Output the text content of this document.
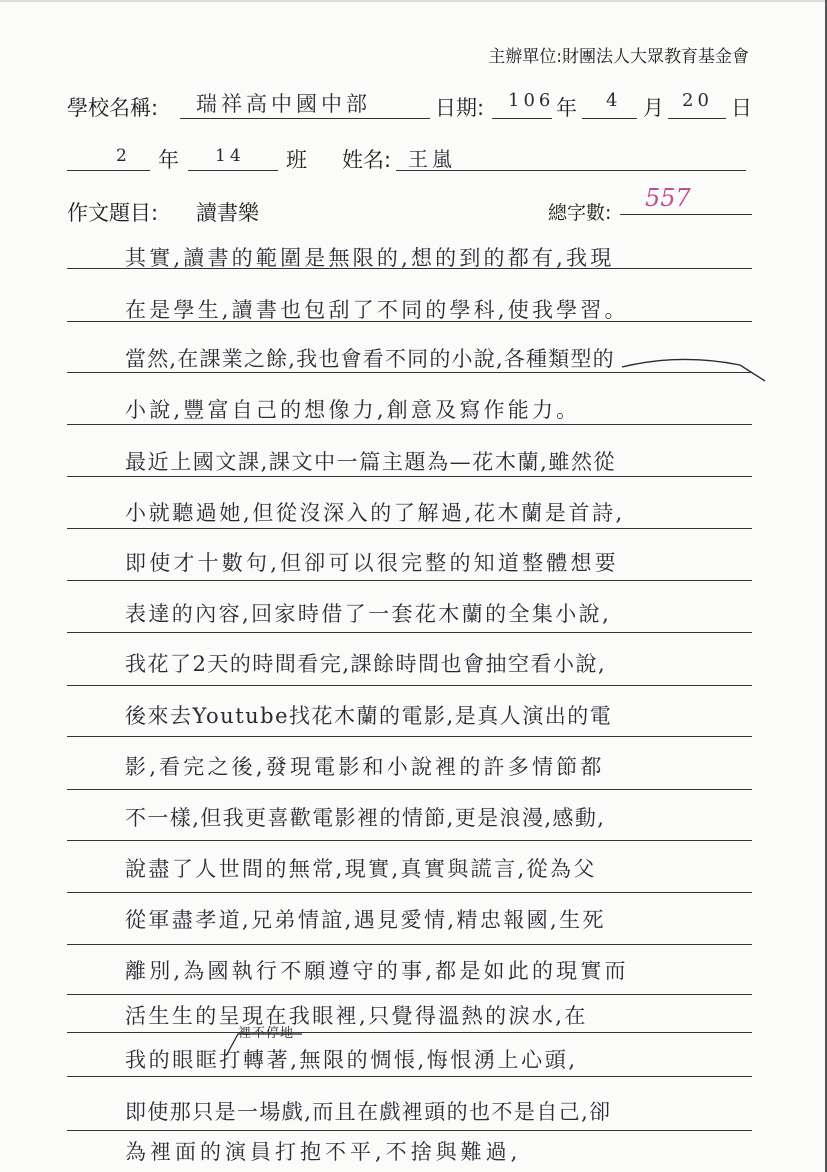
主辦單位:財團法人大眾教育基金會
學校名稱: 瑞祥高中國中部	日期: 106 年 4 月 20 日
2 年 14 班 姓名: 王嵐
作文題目: 讀書樂	總字數:
557
其實,讀書的範圍是無限的,想的到的都有,我現
在是學生,讀書也包刮了不同的學科,使我學習。
當然,在課業之餘,我也會看不同的小說,各種類型的
小說,豐富自己的想像力,創意及寫作能力。
最近上國文課,課文中一篇主題為—花木蘭,雖然從
小就聽過她,但從沒深入的了解過,花木蘭是首詩,
即使才十數句,但卻可以很完整的知道整體想要
表達的內容,回家時借了一套花木蘭的全集小說,
我花了2天的時間看完,課餘時間也會抽空看小說,
後來去Youtube找花木蘭的電影,是真人演出的電
影,看完之後,發現電影和小說裡的許多情節都
不一樣,但我更喜歡電影裡的情節,更是浪漫,感動,
說盡了人世間的無常,現實,真實與謊言,從為父
從軍盡孝道,兄弟情誼,遇見愛情,精忠報國,生死
離別,為國執行不願遵守的事,都是如此的現實而
活生生的呈現在我眼裡,只覺得溫熱的淚水,在
裡不停地
我的眼眶打轉著,無限的惆悵,悔恨湧上心頭,
即使那只是一場戲,而且在戲裡頭的也不是自己,卻
為裡面的演員打抱不平,不捨與難過,
